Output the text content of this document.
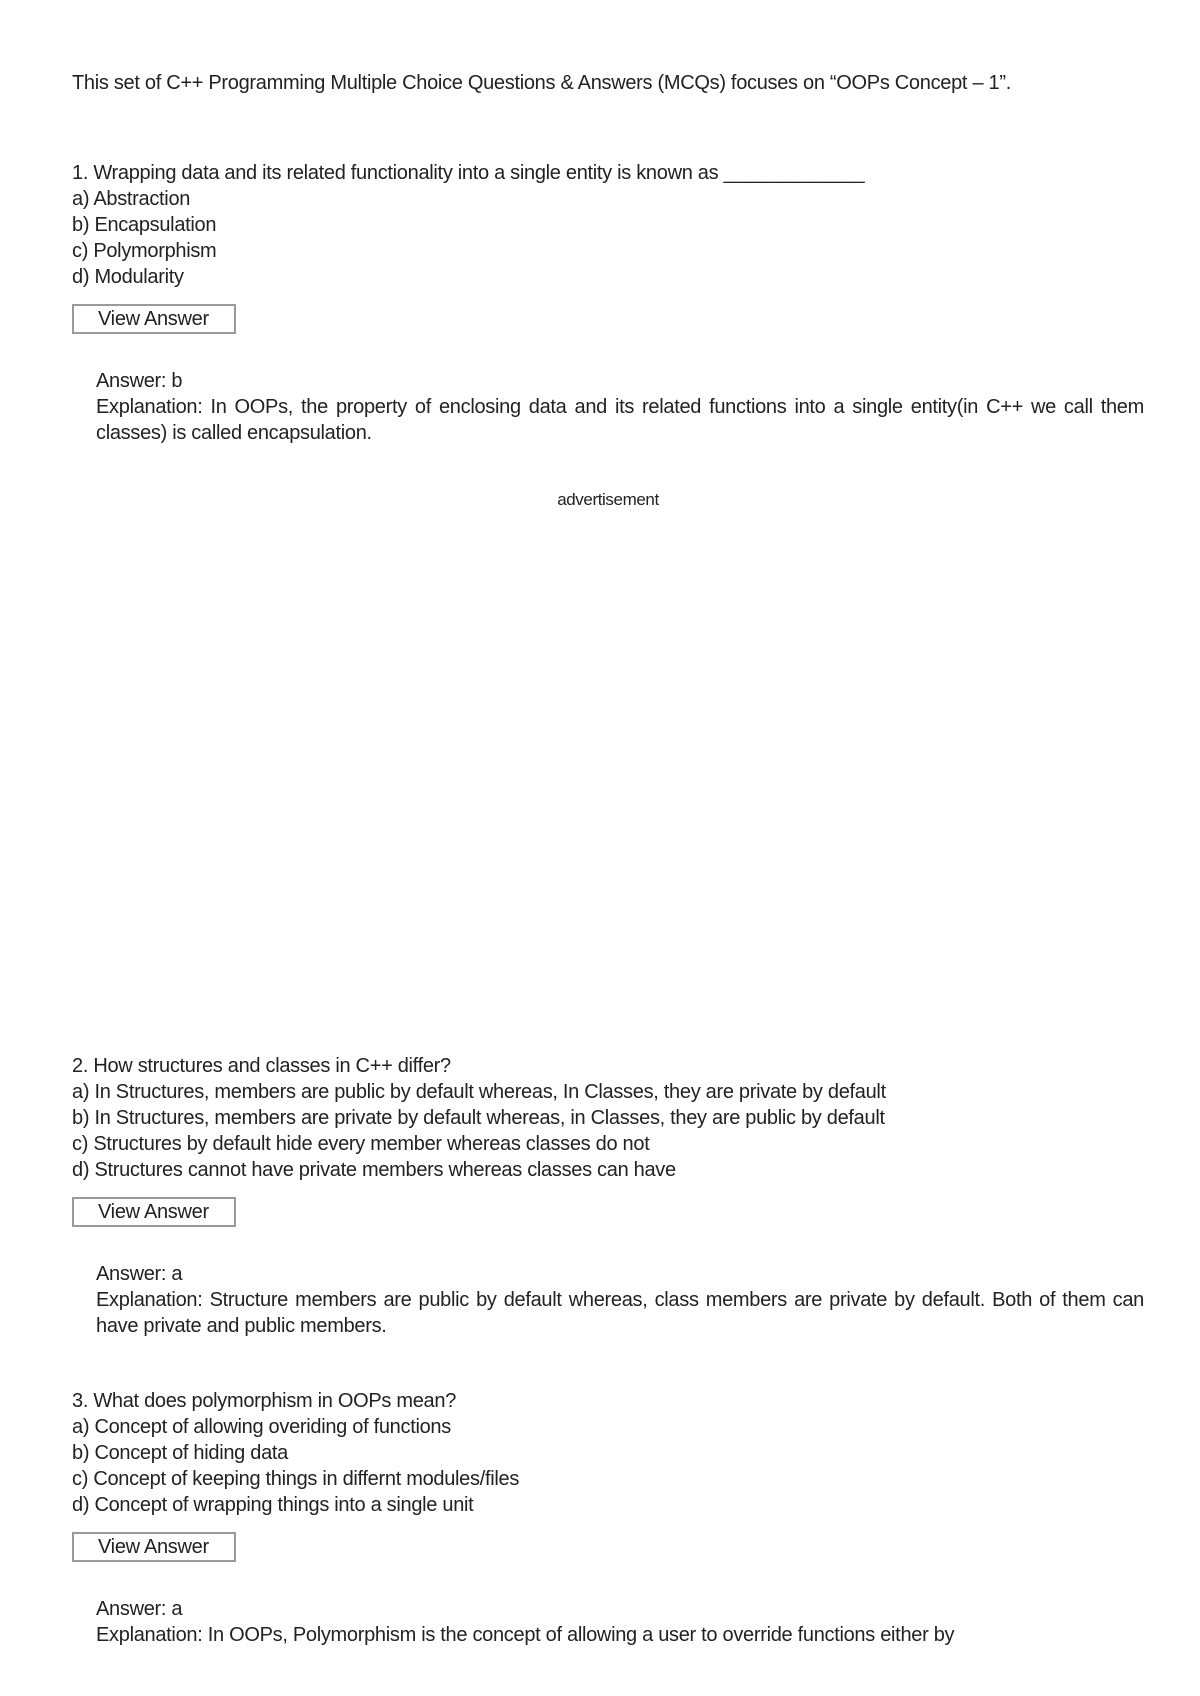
This set of C++ Programming Multiple Choice Questions & Answers (MCQs) focuses on “OOPs Concept – 1”.

1. Wrapping data and its related functionality into a single entity is known as _____________
a) Abstraction
b) Encapsulation
c) Polymorphism
d) Modularity
View Answer
Answer: b
Explanation: In OOPs, the property of enclosing data and its related functions into a single entity(in C++ we call them classes) is called encapsulation.
advertisement
2. How structures and classes in C++ differ?
a) In Structures, members are public by default whereas, In Classes, they are private by default
b) In Structures, members are private by default whereas, in Classes, they are public by default
c) Structures by default hide every member whereas classes do not
d) Structures cannot have private members whereas classes can have
View Answer
Answer: a
Explanation: Structure members are public by default whereas, class members are private by default. Both of them can have private and public members.
3. What does polymorphism in OOPs mean?
a) Concept of allowing overiding of functions
b) Concept of hiding data
c) Concept of keeping things in differnt modules/files
d) Concept of wrapping things into a single unit
View Answer
Answer: a
Explanation: In OOPs, Polymorphism is the concept of allowing a user to override functions either by
